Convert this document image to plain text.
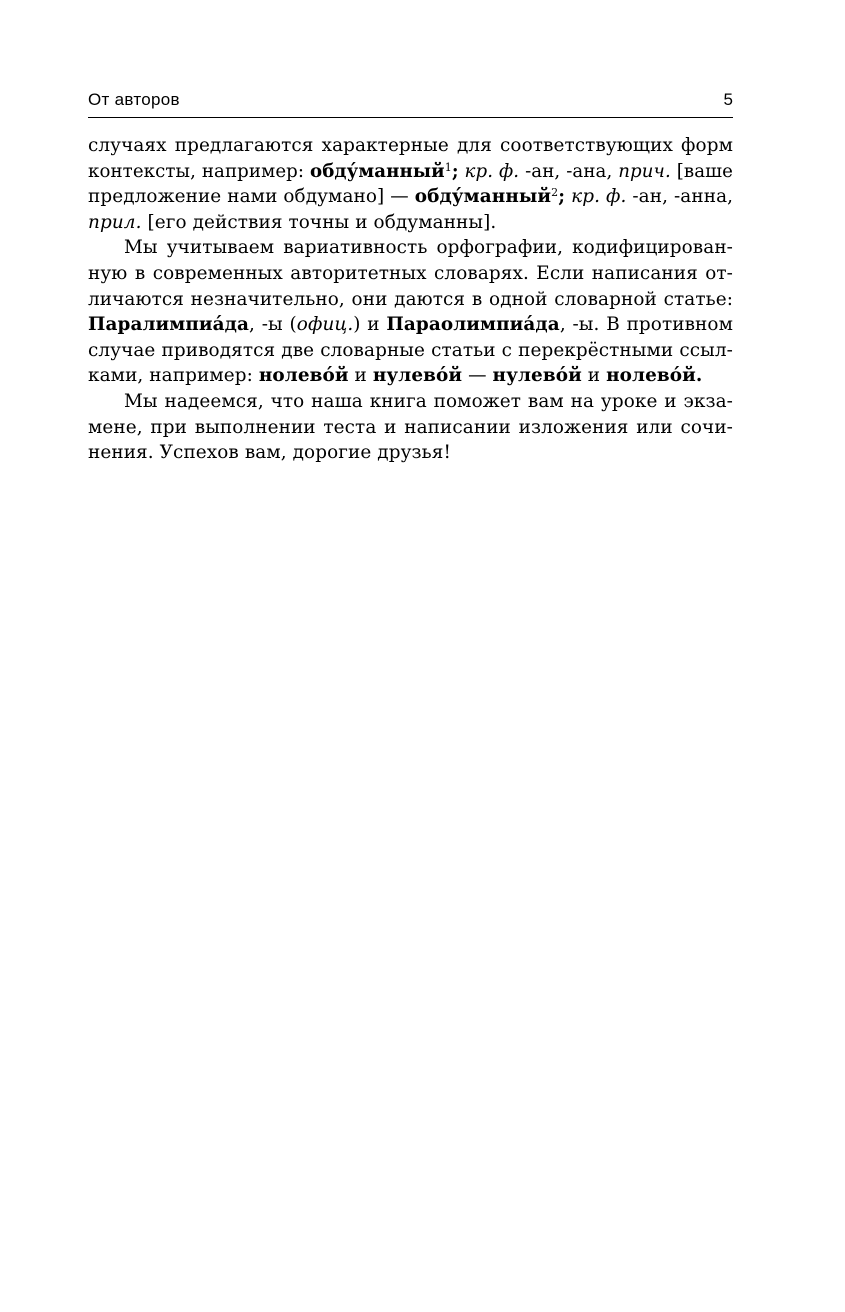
От авторов	5
случаях предлагаются характерные для соответствующих форм
контексты, например: обду́манный$^1$; кр. ф. -ан, -ана, прич. [ваше
предложение нами обдумано] — обду́манный$^2$; кр. ф. -ан, -анна,
прил. [его действия точны и обдуманны].
Мы учитываем вариативность орфографии, кодифицирован-
ную в современных авторитетных словарях. Если написания от-
личаются незначительно, они даются в одной словарной статье:
Паралимпиа́да, -ы (офиц.) и Параолимпиа́да, -ы. В противном
случае приводятся две словарные статьи с перекрёстными ссыл-
ками, например: нолево́й и нулево́й — нулево́й и нолево́й.
Мы надеемся, что наша книга поможет вам на уроке и экза-
мене, при выполнении теста и написании изложения или сочи-
нения. Успехов вам, дорогие друзья!
